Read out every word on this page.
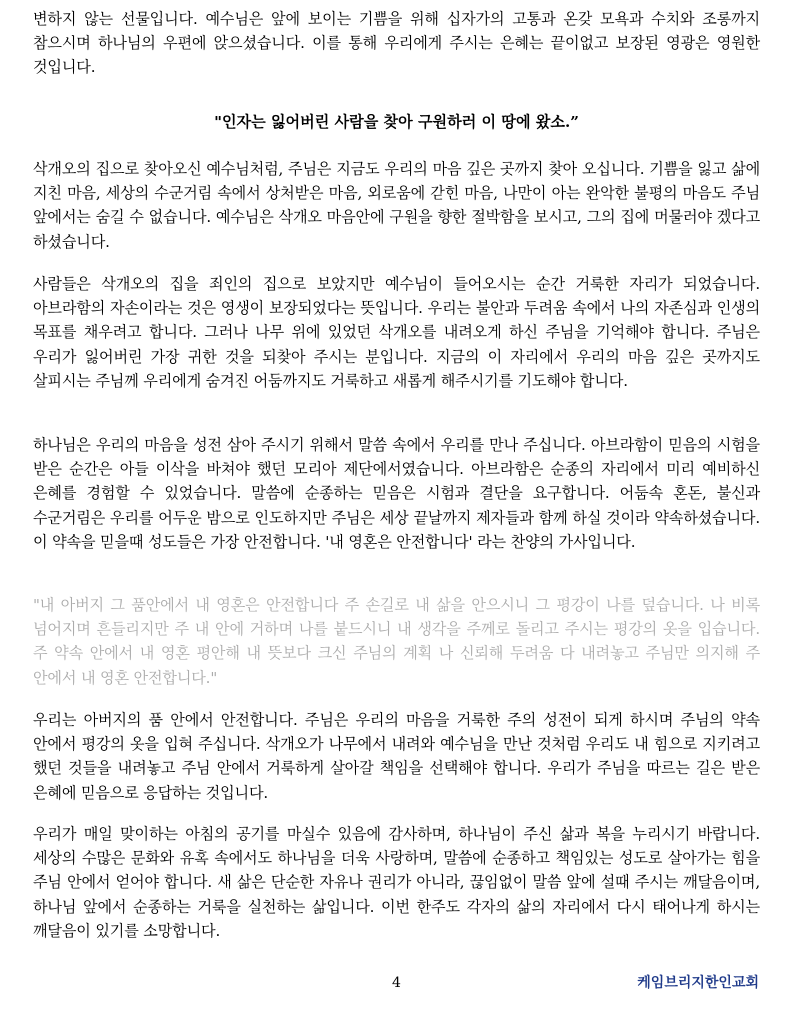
변하지 않는 선물입니다. 예수님은 앞에 보이는 기쁨을 위해 십자가의 고통과 온갖 모욕과 수치와 조롱까지 참으시며 하나님의 우편에 앉으셨습니다. 이를 통해 우리에게 주시는 은혜는 끝이없고 보장된 영광은 영원한 것입니다.

"인자는 잃어버린 사람을 찾아 구원하러 이 땅에 왔소.”

삭개오의 집으로 찾아오신 예수님처럼, 주님은 지금도 우리의 마음 깊은 곳까지 찾아 오십니다. 기쁨을 잃고 삶에 지친 마음, 세상의 수군거림 속에서 상처받은 마음, 외로움에 갇힌 마음, 나만이 아는 완악한 불평의 마음도 주님 앞에서는 숨길 수 없습니다. 예수님은 삭개오 마음안에 구원을 향한 절박함을 보시고, 그의 집에 머물러야 겠다고 하셨습니다.

사람들은 삭개오의 집을 죄인의 집으로 보았지만 예수님이 들어오시는 순간 거룩한 자리가 되었습니다. 아브라함의 자손이라는 것은 영생이 보장되었다는 뜻입니다. 우리는 불안과 두려움 속에서 나의 자존심과 인생의 목표를 채우려고 합니다. 그러나 나무 위에 있었던 삭개오를 내려오게 하신 주님을 기억해야 합니다. 주님은 우리가 잃어버린 가장 귀한 것을 되찾아 주시는 분입니다. 지금의 이 자리에서 우리의 마음 깊은 곳까지도 살피시는 주님께 우리에게 숨겨진 어둠까지도 거룩하고 새롭게 해주시기를 기도해야 합니다.

하나님은 우리의 마음을 성전 삼아 주시기 위해서 말씀 속에서 우리를 만나 주십니다. 아브라함이 믿음의 시험을 받은 순간은 아들 이삭을 바쳐야 했던 모리아 제단에서였습니다. 아브라함은 순종의 자리에서 미리 예비하신 은혜를 경험할 수 있었습니다. 말씀에 순종하는 믿음은 시험과 결단을 요구합니다. 어둠속 혼돈, 불신과 수군거림은 우리를 어두운 밤으로 인도하지만 주님은 세상 끝날까지 제자들과 함께 하실 것이라 약속하셨습니다. 이 약속을 믿을때 성도들은 가장 안전합니다. '내 영혼은 안전합니다' 라는 찬양의 가사입니다.

"내 아버지 그 품안에서 내 영혼은 안전합니다 주 손길로 내 삶을 안으시니 그 평강이 나를 덮습니다. 나 비록 넘어지며 흔들리지만 주 내 안에 거하며 나를 붙드시니 내 생각을 주께로 돌리고 주시는 평강의 옷을 입습니다. 주 약속 안에서 내 영혼 평안해 내 뜻보다 크신 주님의 계획 나 신뢰해 두려움 다 내려놓고 주님만 의지해 주 안에서 내 영혼 안전합니다."

우리는 아버지의 품 안에서 안전합니다. 주님은 우리의 마음을 거룩한 주의 성전이 되게 하시며 주님의 약속 안에서 평강의 옷을 입혀 주십니다. 삭개오가 나무에서 내려와 예수님을 만난 것처럼 우리도 내 힘으로 지키려고 했던 것들을 내려놓고 주님 안에서 거룩하게 살아갈 책임을 선택해야 합니다. 우리가 주님을 따르는 길은 받은 은혜에 믿음으로 응답하는 것입니다.

우리가 매일 맞이하는 아침의 공기를 마실수 있음에 감사하며, 하나님이 주신 삶과 복을 누리시기 바랍니다. 세상의 수많은 문화와 유혹 속에서도 하나님을 더욱 사랑하며, 말씀에 순종하고 책임있는 성도로 살아가는 힘을 주님 안에서 얻어야 합니다. 새 삶은 단순한 자유나 권리가 아니라, 끊임없이 말씀 앞에 설때 주시는 깨달음이며, 하나님 앞에서 순종하는 거룩을 실천하는 삶입니다. 이번 한주도 각자의 삶의 자리에서 다시 태어나게 하시는 깨달음이 있기를 소망합니다.

4	케임브리지한인교회
